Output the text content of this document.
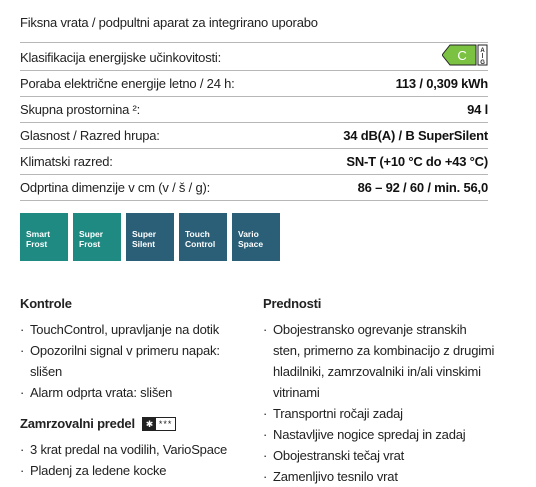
Fiksna vrata / podpultni aparat za integrirano uporabo
Klasifikacija energijske učinkovitosti:	C A
G
Poraba električne energije letno / 24 h:	113 / 0,309 kWh
Skupna prostornina ²:	94 l
Glasnost / Razred hrupa:	34 dB(A) / B SuperSilent
Klimatski razred:	SN-T (+10 °C do +43 °C)
Odprtina dimenzije v cm (v / š / g):	86 – 92 / 60 / min. 56,0
Smart
Frost
Super
Frost
Super
Silent
Touch
Control
Vario
Space
Kontrole
· TouchControl, upravljanje na dotik
· Opozorilni signal v primeru napak:
slišen
· Alarm odprta vrata: slišen
Zamrzovalni predel	✱ ***
· 3 krat predal na vodilih, VarioSpace
· Pladenj za ledene kocke
Prednosti
· Obojestransko ogrevanje stranskih
sten, primerno za kombinacijo z drugimi
hladilniki, zamrzovalniki in/ali vinskimi
vitrinami
· Transportni ročaji zadaj
· Nastavljive nogice spredaj in zadaj
· Obojestranski tečaj vrat
· Zamenljivo tesnilo vrat
